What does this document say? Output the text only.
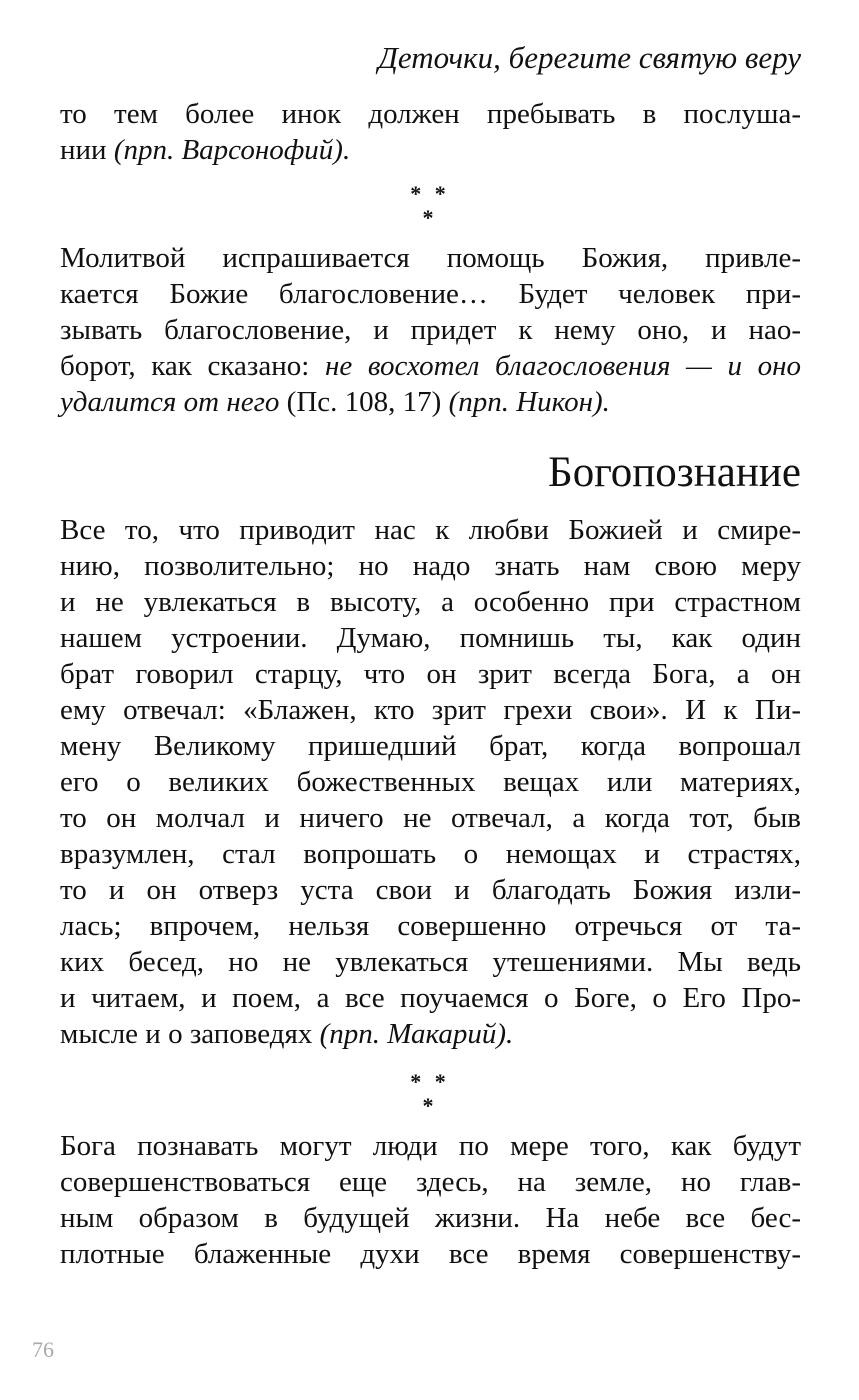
Деточки, берегите святую веру
то тем более инок должен пребывать в послуша-
нии (прп. Варсонофий).
* * *
Молитвой испрашивается помощь Божия, привле-
кается Божие благословение… Будет человек при-
зывать благословение, и придет к нему оно, и нао-
борот, как сказано: не восхотел благословения — и оно
удалится от него (Пс. 108, 17) (прп. Никон).
Богопознание
Все то, что приводит нас к любви Божией и смире-
нию, позволительно; но надо знать нам свою меру
и не увлекаться в высоту, а особенно при страстном
нашем устроении. Думаю, помнишь ты, как один
брат говорил старцу, что он зрит всегда Бога, а он
ему отвечал: «Блажен, кто зрит грехи свои». И к Пи-
мену Великому пришедший брат, когда вопрошал
его о великих божественных вещах или материях,
то он молчал и ничего не отвечал, а когда тот, быв
вразумлен, стал вопрошать о немощах и страстях,
то и он отверз уста свои и благодать Божия изли-
лась; впрочем, нельзя совершенно отречься от та-
ких бесед, но не увлекаться утешениями. Мы ведь
и читаем, и поем, а все поучаемся о Боге, о Его Про-
мысле и о заповедях (прп. Макарий).
* * *
Бога познавать могут люди по мере того, как будут
совершенствоваться еще здесь, на земле, но глав-
ным образом в будущей жизни. На небе все бес-
плотные блаженные духи все время совершенству-
76
